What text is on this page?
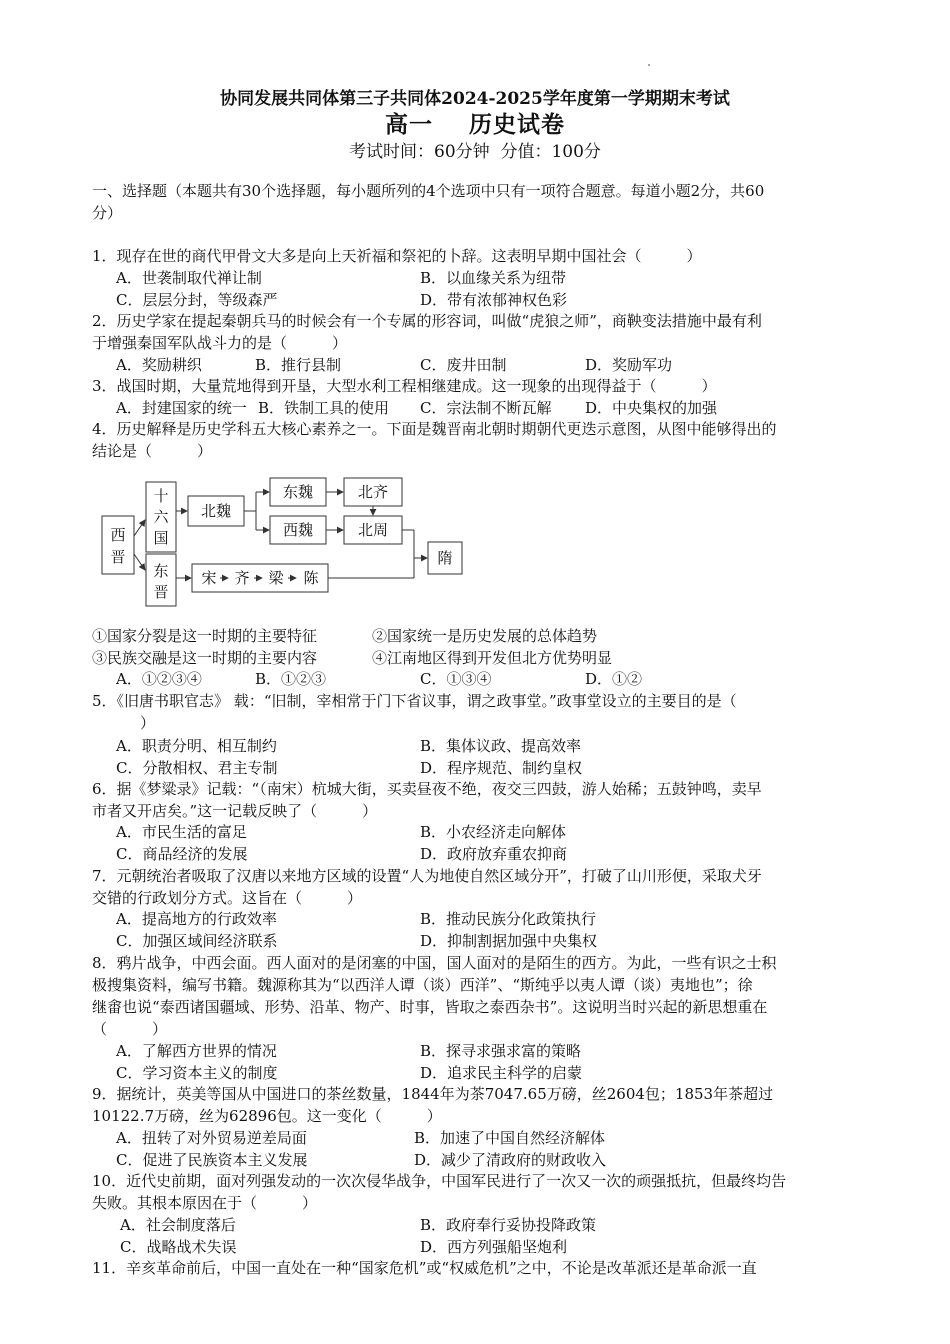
协同发展共同体第三子共同体2024-2025学年度第一学期期末考试
高一    历史试卷
考试时间：60分钟  分值：100分
一、选择题（本题共有30个选择题，每小题所列的4个选项中只有一项符合题意。每道小题2分，共60
分）
1．现存在世的商代甲骨文大多是向上天祈福和祭祀的卜辞。这表明早期中国社会（　　　）
A．世袭制取代禅让制	B．以血缘关系为纽带
C．层层分封，等级森严	D．带有浓郁神权色彩
2．历史学家在提起秦朝兵马的时候会有一个专属的形容词，叫做“虎狼之师”，商鞅变法措施中最有利
于增强秦国军队战斗力的是（　　　）
A．奖励耕织	B．推行县制	C．废井田制	D．奖励军功
3．战国时期，大量荒地得到开垦，大型水利工程相继建成。这一现象的出现得益于（　　　）
A．封建国家的统一 B．铁制工具的使用 C．宗法制不断瓦解 D．中央集权的加强
4．历史解释是历史学科五大核心素养之一。下面是魏晋南北朝时期朝代更迭示意图，从图中能够得出的
结论是（　　　）
西
晋
十
六
国
东
晋
北魏
东魏
西魏
北齐
北周
隋
宋 齐 梁 陈
①国家分裂是这一时期的主要特征	②国家统一是历史发展的总体趋势
③民族交融是这一时期的主要内容	④江南地区得到开发但北方优势明显
A．①②③④	B．①②③	C．①③④	D．①②
5．《旧唐书职官志》 载：“旧制，宰相常于门下省议事，谓之政事堂。”政事堂设立的主要目的是（
）
A．职责分明、相互制约	B．集体议政、提高效率
C．分散相权、君主专制	D．程序规范、制约皇权
6．据《梦粱录》记载：“（南宋）杭城大街，买卖昼夜不绝，夜交三四鼓，游人始稀；五鼓钟鸣，卖早
市者又开店矣。”这一记载反映了（　　　）
A．市民生活的富足	B．小农经济走向解体
C．商品经济的发展	D．政府放弃重农抑商
7．元朝统治者吸取了汉唐以来地方区域的设置“人为地使自然区域分开”，打破了山川形便，采取犬牙
交错的行政划分方式。这旨在（　　　）
A．提高地方的行政效率	B．推动民族分化政策执行
C．加强区域间经济联系	D．抑制割据加强中央集权
8．鸦片战争，中西会面。西人面对的是闭塞的中国，国人面对的是陌生的西方。为此，一些有识之士积
极搜集资料，编写书籍。魏源称其为“以西洋人谭（谈）西洋”、“斯纯乎以夷人谭（谈）夷地也”；徐
继畬也说“泰西诸国疆域、形势、沿革、物产、时事，皆取之泰西杂书”。这说明当时兴起的新思想重在
（　　　）
A．了解西方世界的情况	B．探寻求强求富的策略
C．学习资本主义的制度	D．追求民主科学的启蒙
9．据统计，英美等国从中国进口的茶丝数量，1844年为茶7047.65万磅，丝2604包；1853年茶超过
10122.7万磅，丝为62896包。这一变化（　　　）
A．扭转了对外贸易逆差局面	B．加速了中国自然经济解体
C．促进了民族资本主义发展	D．减少了清政府的财政收入
10．近代史前期，面对列强发动的一次次侵华战争，中国军民进行了一次又一次的顽强抵抗，但最终均告
失败。其根本原因在于（　　　）
A．社会制度落后	B．政府奉行妥协投降政策
C．战略战术失误	D．西方列强船坚炮利
11．辛亥革命前后，中国一直处在一种“国家危机”或“权威危机”之中，不论是改革派还是革命派一直
